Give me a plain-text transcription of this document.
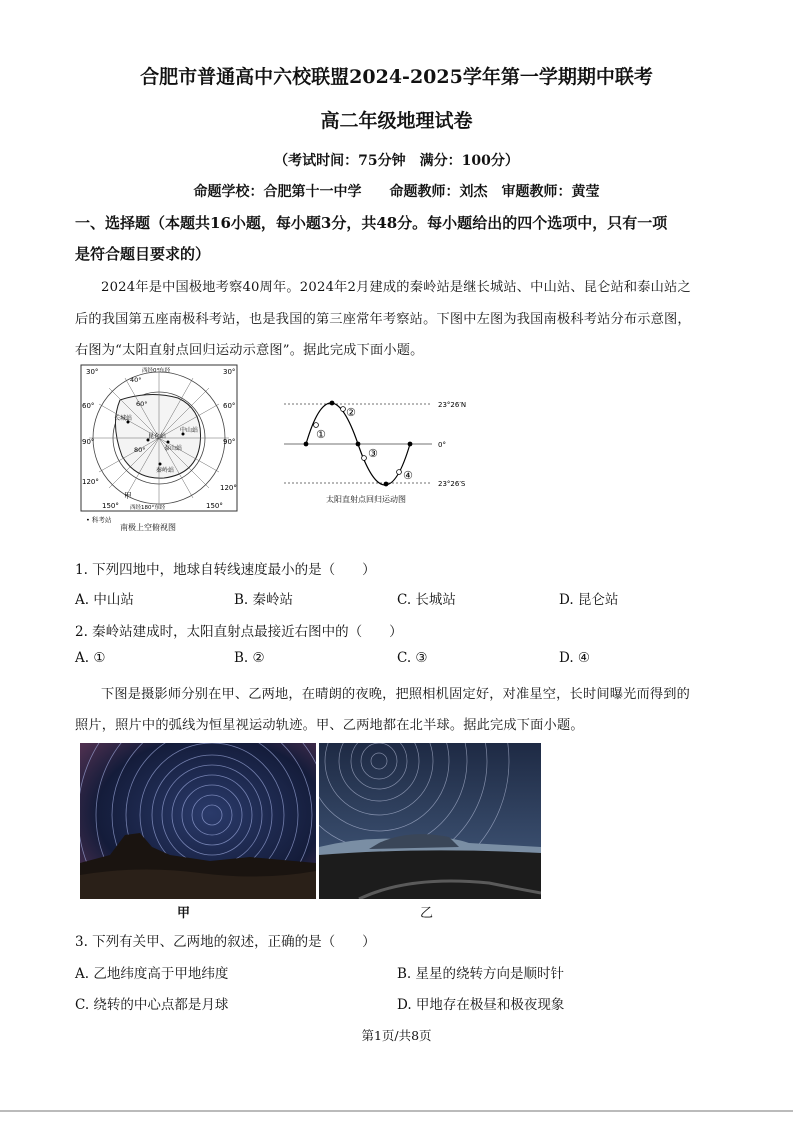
合肥市普通高中六校联盟2024-2025学年第一学期期中联考
高二年级地理试卷
（考试时间：75分钟　满分：100分）
命题学校：合肥第十一中学　　命题教师：刘杰　审题教师：黄莹
一、选择题（本题共16小题，每小题3分，共48分。每小题给出的四个选项中，只有一项
是符合题目要求的）
2024年是中国极地考察40周年。2024年2月建成的秦岭站是继长城站、中山站、昆仑站和泰山站之
后的我国第五座南极科考站，也是我国的第三座常年考察站。下图中左图为我国南极科考站分布示意图，
右图为“太阳直射点回归运动示意图”。据此完成下面小题。
30°	30°
60°	60°
90°	90°
120°
120°
150°	150°
西经0°东经
西经180°东经
40°
60°
80°
长城站
中山站
昆仑站
泰山站
秦岭站
甲
• 科考站
南极上空俯视图
①
②
③
④
23°26′N
0°
23°26′S
太阳直射点回归运动图
1. 下列四地中，地球自转线速度最小的是（　　）
A. 中山站	B. 秦岭站	C. 长城站	D. 昆仑站
2. 秦岭站建成时，太阳直射点最接近右图中的（　　）
A. ①	B. ②	C. ③	D. ④
下图是摄影师分别在甲、乙两地，在晴朗的夜晚，把照相机固定好，对准星空，长时间曝光而得到的
照片，照片中的弧线为恒星视运动轨迹。甲、乙两地都在北半球。据此完成下面小题。
甲	乙
3. 下列有关甲、乙两地的叙述，正确的是（　　）
A. 乙地纬度高于甲地纬度	B. 星星的绕转方向是顺时针
C. 绕转的中心点都是月球	D. 甲地存在极昼和极夜现象
第1页/共8页
